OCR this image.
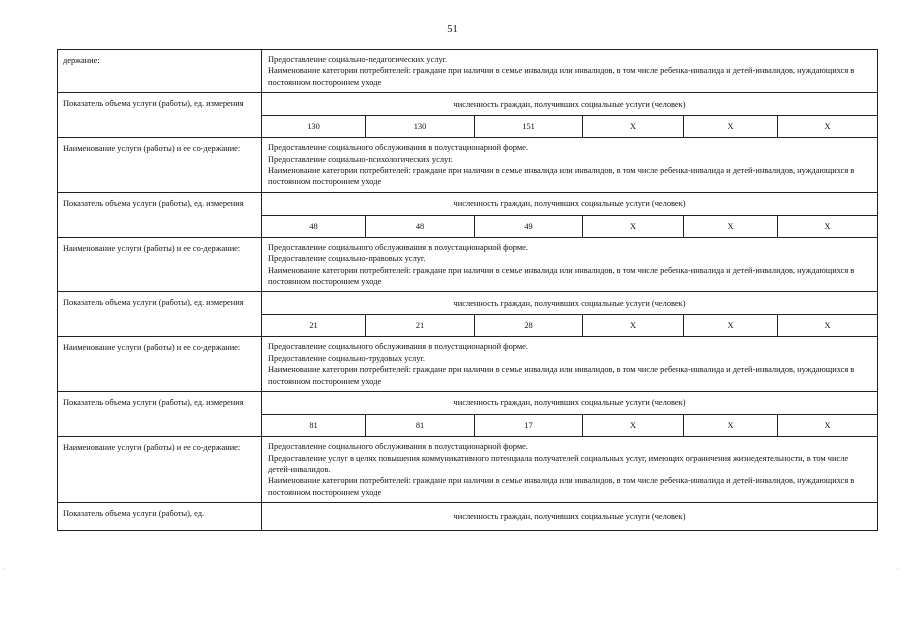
51
держание:	Предоставление социально-педагогических услуг.
Наименование категории потребителей: граждане при наличии в семье инвалида или инвалидов, в том числе ребенка-инвалида и детей-инвалидов, нуждающихся в постоянном постороннем уходе					

Показатель объема услуги (работы), ед. измерения	численность граждан, получивших социальные услуги (человек)					
	130	130	151	Х	Х	Х
Наименование услуги (работы) и ее со-держание:	Предоставление социального обслуживания в полустационарной форме.
Предоставление социально-психологических услуг.
Наименование категории потребителей: граждане при наличии в семье инвалида или инвалидов, в том числе ребенка-инвалида и детей-инвалидов, нуждающихся в постоянном постороннем уходе					

Показатель объема услуги (работы), ед. измерения	численность граждан, получивших социальные услуги (человек)					
	48	48	49	Х	Х	Х
Наименование услуги (работы) и ее со-держание:	Предоставление социального обслуживания в полустационарной форме.
Предоставление социально-правовых услуг.
Наименование категории потребителей: граждане при наличии в семье инвалида или инвалидов, в том числе ребенка-инвалида и детей-инвалидов, нуждающихся в постоянном постороннем уходе					

Показатель объема услуги (работы), ед. измерения	численность граждан, получивших социальные услуги (человек)					
	21	21	28	Х	Х	Х
Наименование услуги (работы) и ее со-держание:	Предоставление социального обслуживания в полустационарной форме.
Предоставление социально-трудовых услуг.
Наименование категории потребителей: граждане при наличии в семье инвалида или инвалидов, в том числе ребенка-инвалида и детей-инвалидов, нуждающихся в постоянном постороннем уходе					

Показатель объема услуги (работы), ед. измерения	численность граждан, получивших социальные услуги (человек)					
	81	81	17	Х	Х	Х
Наименование услуги (работы) и ее со-держание:	Предоставление социального обслуживания в полустационарной форме.
Предоставление услуг в целях повышения коммуникативного потенциала получателей социальных услуг, имеющих ограничения жизнедеятельности, в том числе детей-инвалидов.
Наименование категории потребителей: граждане при наличии в семье инвалида или инвалидов, в том числе ребенка-инвалида и детей-инвалидов, нуждающихся в постоянном постороннем уходе					

Показатель объема услуги (работы), ед.	численность граждан, получивших социальные услуги (человек)					
.	.
